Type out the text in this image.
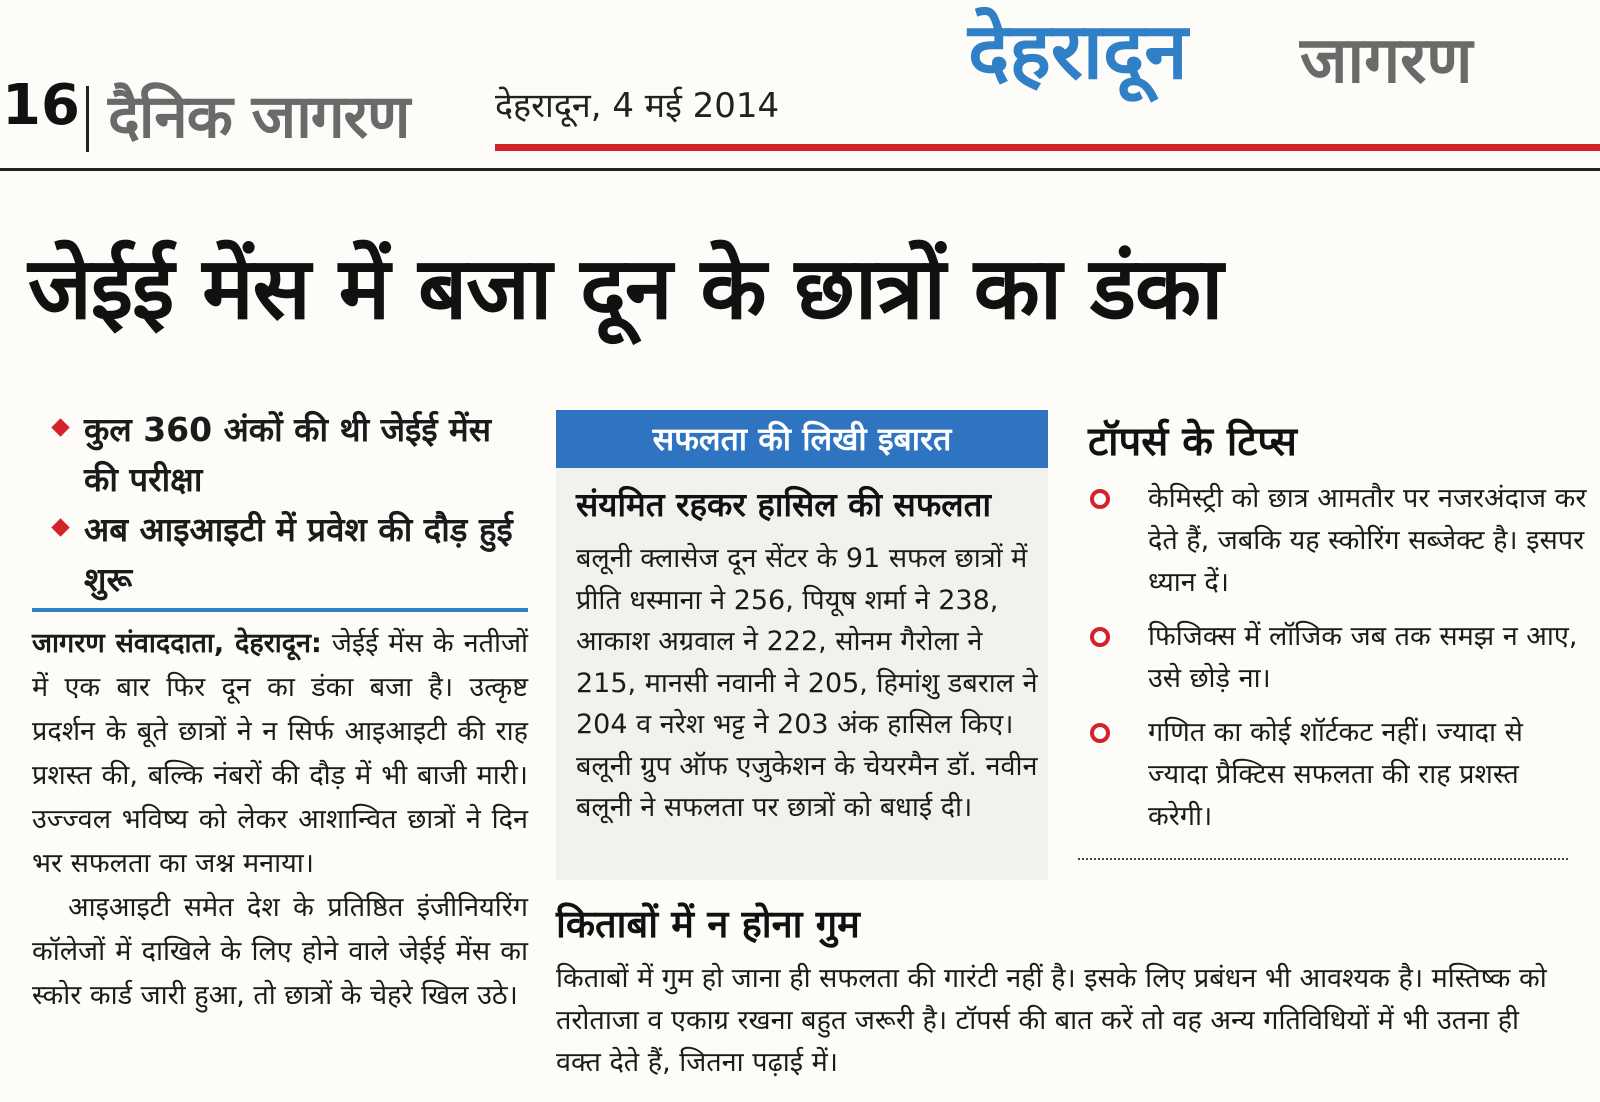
16 दैनिक जागरण	देहरादून, 4 मई 2014
देहरादून जागरण
जेईई मेंस में बजा दून के छात्रों का डंका
कुल 360 अंकों की थी जेईई मेंस की परीक्षा
अब आइआइटी में प्रवेश की दौड़ हुई शुरू

जागरण संवाददाता, देहरादून: जेईई मेंस के नतीजों में एक बार फिर दून का डंका बजा है। उत्कृष्ट प्रदर्शन के बूते छात्रों ने न सिर्फ आइआइटी की राह प्रशस्त की, बल्कि नंबरों की दौड़ में भी बाजी मारी। उज्ज्वल भविष्य को लेकर आशान्वित छात्रों ने दिन भर सफलता का जश्न मनाया।

आइआइटी समेत देश के प्रतिष्ठित इंजीनियरिंग कॉलेजों में दाखिले के लिए होने वाले जेईई मेंस का स्कोर कार्ड जारी हुआ, तो छात्रों के चेहरे खिल उठे।

सफलता की लिखी इबारत
संयमित रहकर हासिल की सफलता

बलूनी क्लासेज दून सेंटर के 91 सफल छात्रों में प्रीति धस्माना ने 256, पियूष शर्मा ने 238, आकाश अग्रवाल ने 222, सोनम गैरोला ने 215, मानसी नवानी ने 205, हिमांशु डबराल ने 204 व नरेश भट्ट ने 203 अंक हासिल किए। बलूनी ग्रुप ऑफ एजुकेशन के चेयरमैन डॉ. नवीन बलूनी ने सफलता पर छात्रों को बधाई दी।

टॉपर्स के टिप्स
केमिस्ट्री को छात्र आमतौर पर नजरअंदाज कर देते हैं, जबकि यह स्कोरिंग सब्जेक्ट है। इसपर ध्यान दें।
फिजिक्स में लॉजिक जब तक समझ न आए, उसे छोड़े ना।
गणित का कोई शॉर्टकट नहीं। ज्यादा से ज्यादा प्रैक्टिस सफलता की राह प्रशस्त करेगी।
किताबों में न होना गुम

किताबों में गुम हो जाना ही सफलता की गारंटी नहीं है। इसके लिए प्रबंधन भी आवश्यक है। मस्तिष्क को तरोताजा व एकाग्र रखना बहुत जरूरी है। टॉपर्स की बात करें तो वह अन्य गतिविधियों में भी उतना ही वक्त देते हैं, जितना पढ़ाई में।
